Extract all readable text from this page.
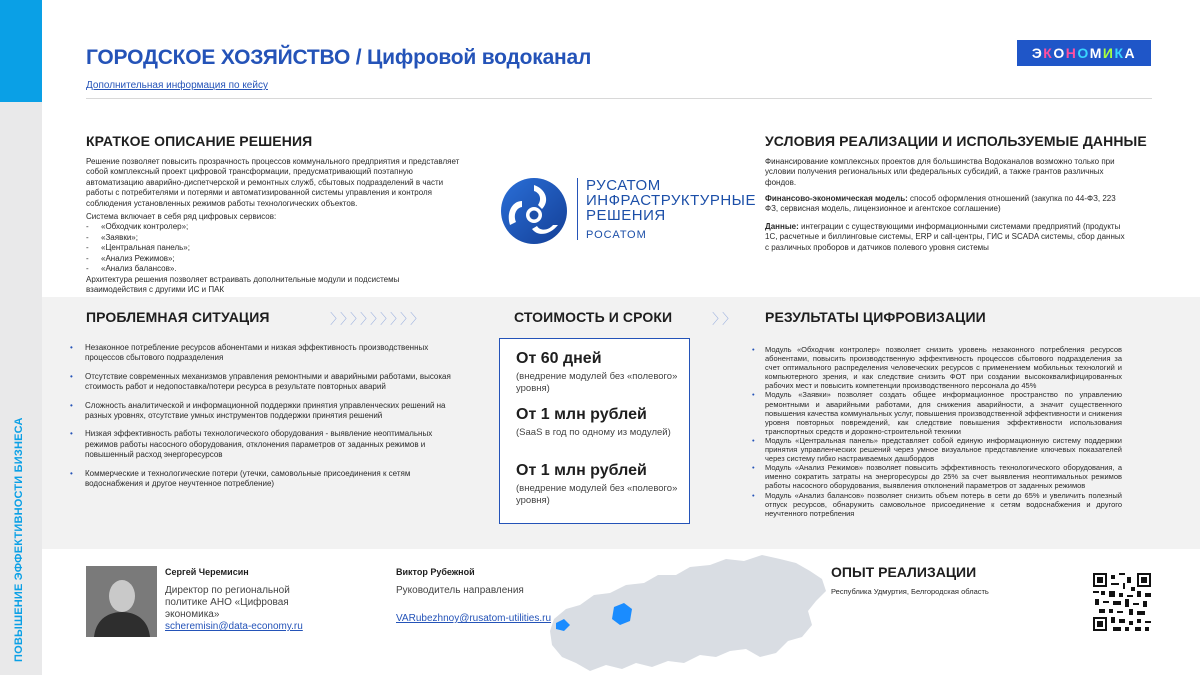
ПОВЫШЕНИЕ ЭФФЕКТИВНОСТИ БИЗНЕСА
ГОРОДСКОЕ ХОЗЯЙСТВО / Цифровой водоканал
Дополнительная информация по кейсу
Э К О Н О М И К А
КРАТКОЕ ОПИСАНИЕ РЕШЕНИЯ
Решение позволяет повысить прозрачность процессов коммунального предприятия и представляет собой комплексный проект цифровой трансформации, предусматривающий поэтапную автоматизацию аварийно-диспетчерской и ремонтных служб, сбытовых подразделений в части работы с потребителями и потерями и автоматизированной системы управления и контроля соблюдения установленных режимов работы технологических объектов.
Система включает в себя ряд цифровых сервисов:
-	«Обходчик контролер»;
-	«Заявки»;
-	«Центральная панель»;
-	«Анализ Режимов»;
-	«Анализ балансов».
Архитектура решения позволяет встраивать дополнительные модули и подсистемы взаимодействия с другими ИС и ПАК
РУСАТОМ
ИНФРАСТРУКТУРНЫЕ
РЕШЕНИЯ
РОСАТОМ
УСЛОВИЯ РЕАЛИЗАЦИИ И ИСПОЛЬЗУЕМЫЕ ДАННЫЕ
Финансирование комплексных проектов для большинства Водоканалов возможно только при условии получения региональных или федеральных субсидий, а также грантов различных фондов.
Финансово-экономическая модель: способ оформления отношений (закупка по 44-ФЗ, 223 ФЗ, сервисная модель, лицензионное и агентское соглашение)
Данные: интеграции с существующими информационными системами предприятий (продукты 1С, расчетные и биллинговые системы, ERP и call-центры, ГИС и SCADA системы, сбор данных с различных проборов и датчиков полевого уровня системы
ПРОБЛЕМНАЯ СИТУАЦИЯ	〉〉〉〉〉〉〉〉〉
• Незаконное потребление ресурсов абонентами и низкая эффективность производственных процессов сбытового подразделения
• Отсутствие современных механизмов управления ремонтными и аварийными работами, высокая стоимость работ и недопоставка/потери ресурса в результате повторных аварий
• Сложность аналитической и информационной поддержки принятия управленческих решений на разных уровнях, отсутствие умных инструментов поддержки принятия решений
• Низкая эффективность работы технологического оборудования - выявление неоптимальных режимов работы насосного оборудования, отклонения параметров от заданных режимов и повышенный расход энергоресурсов
• Коммерческие и технологические потери (утечки, самовольные присоединения к сетям водоснабжения и другое неучтенное потребление)
СТОИМОСТЬ И СРОКИ	〉〉
От 60 дней
(внедрение модулей без «полевого» уровня)
От 1 млн рублей
(SaaS в год по одному из модулей)
От 1 млн рублей
(внедрение модулей без «полевого» уровня)
РЕЗУЛЬТАТЫ ЦИФРОВИЗАЦИИ
• Модуль «Обходчик контролер» позволяет снизить уровень незаконного потребления ресурсов абонентами, повысить производственную эффективность процессов сбытового подразделения за счет оптимального распределения человеческих ресурсов с применением мобильных технологий и компьютерного зрения, и как следствие снизить ФОТ при создании высококвалифицированных рабочих мест и повысить компетенции производственного персонала до 45%
• Модуль «Заявки» позволяет создать общее информационное пространство по управлению ремонтными и аварийными работами, для снижения аварийности, а значит существенного повышения качества коммунальных услуг, повышения производственной эффективности и снижения уровня повторных повреждений, как следствие повышения эффективности использования транспортных средств и дорожно-строительной техники
• Модуль «Центральная панель» представляет собой единую информационную систему поддержки принятия управленческих решений через умное визуальное представление ключевых показателей через систему гибко настраиваемых дашбордов
• Модуль «Анализ Режимов» позволяет повысить эффективность технологического оборудования, а именно сократить затраты на энергоресурсы до 25% за счет выявления неоптимальных режимов работы насосного оборудования, выявления отклонений параметров от заданных режимов
• Модуль «Анализ балансов» позволяет снизить объем потерь в сети до 65% и увеличить полезный отпуск ресурсов, обнаружить самовольное присоединение к сетям водоснабжения и другого неучтенного потребления
Сергей Черемисин
Директор по региональной политике АНО «Цифровая экономика»
scheremisin@data-economy.ru
Виктор Рубежной
Руководитель направления
VARubezhnoy@rusatom-utilities.ru
ОПЫТ РЕАЛИЗАЦИИ
Республика Удмуртия, Белгородская область
